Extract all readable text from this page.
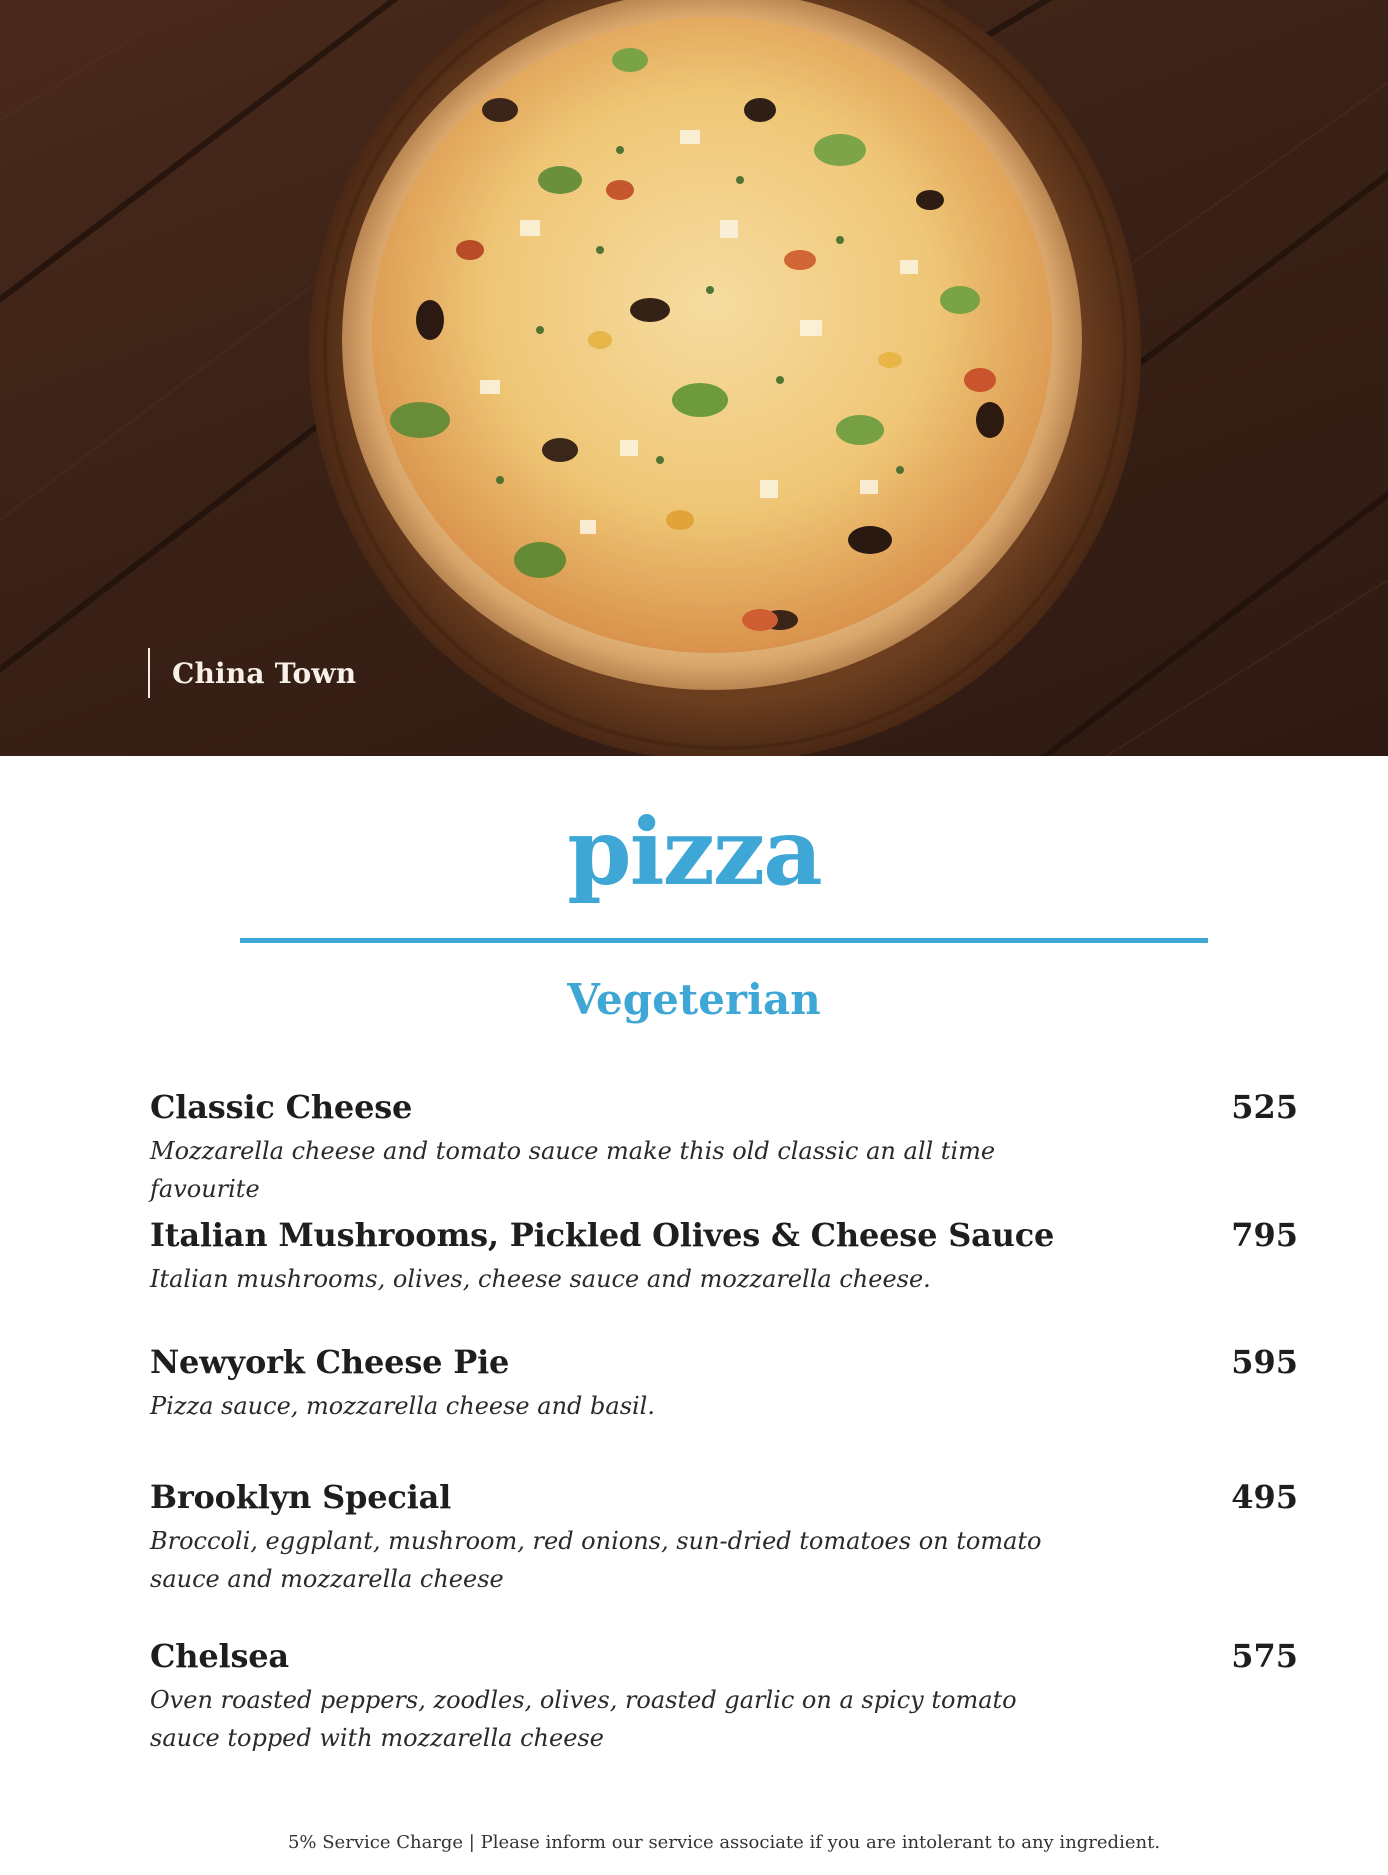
China Town
pizza
Vegeterian
Classic Cheese	525
Mozzarella cheese and tomato sauce make this old classic an all time favourite
Italian Mushrooms, Pickled Olives & Cheese Sauce	795
Italian mushrooms, olives, cheese sauce and mozzarella cheese.
Newyork Cheese Pie	595
Pizza sauce, mozzarella cheese and basil.
Brooklyn Special	495
Broccoli, eggplant, mushroom, red onions, sun-dried tomatoes on tomato sauce and mozzarella cheese
Chelsea	575
Oven roasted peppers, zoodles, olives, roasted garlic on a spicy tomato sauce topped with mozzarella cheese
5% Service Charge | Please inform our service associate if you are intolerant to any ingredient.
